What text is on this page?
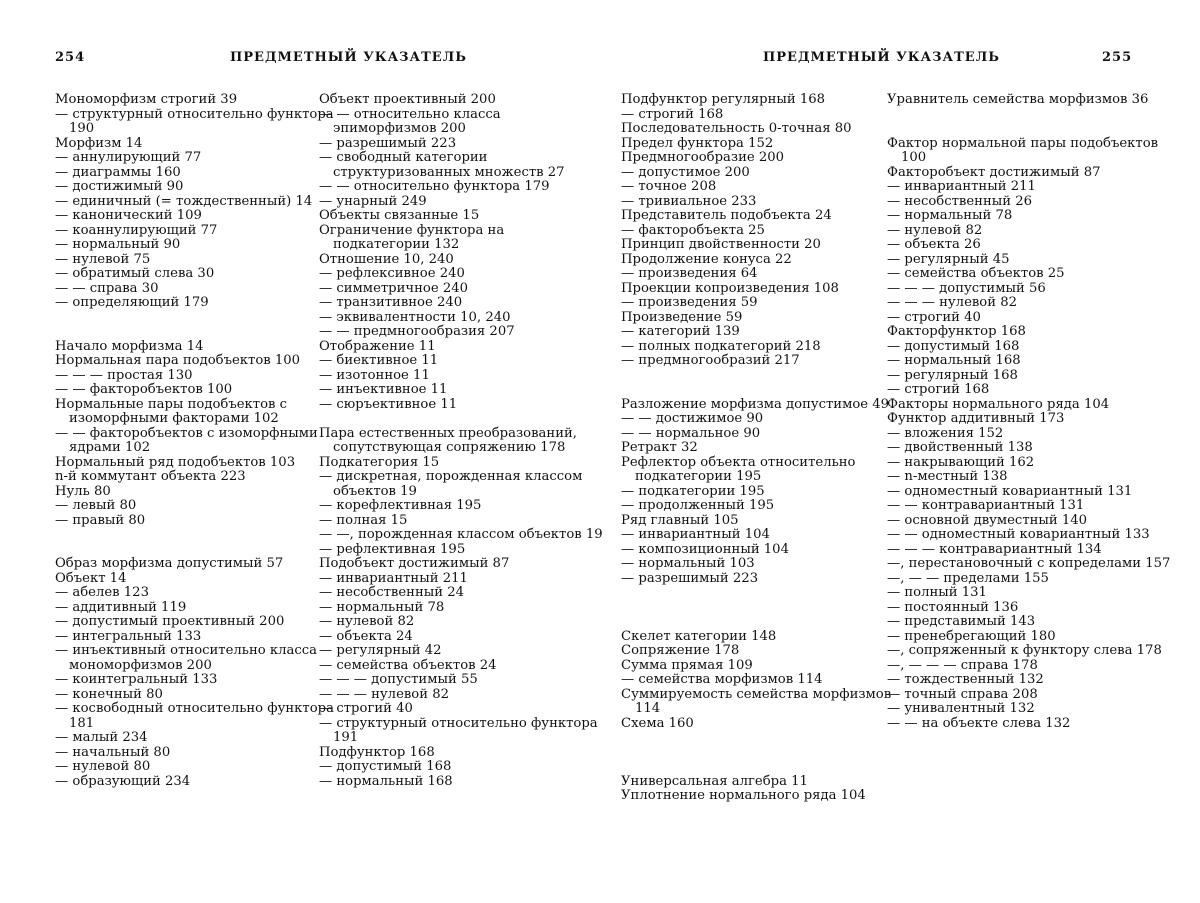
254	ПРЕДМЕТНЫЙ УКАЗАТЕЛЬ	ПРЕДМЕТНЫЙ УКАЗАТЕЛЬ	255
Мономорфизм строгий 39
— структурный относительно функтора 190
Морфизм 14
— аннулирующий 77
— диаграммы 160
— достижимый 90
— единичный (= тождественный) 14
— канонический 109
— коаннулирующий 77
— нормальный 90
— нулевой 75
— обратимый слева 30
— — справа 30
— определяющий 179
Начало морфизма 14
Нормальная пара подобъектов 100
— — — простая 130
— — факторобъектов 100
Нормальные пары подобъектов с изоморфными факторами 102
— — факторобъектов с изоморфными ядрами 102
Нормальный ряд подобъектов 103
n-й коммутант объекта 223
Нуль 80
— левый 80
— правый 80
Образ морфизма допустимый 57
Объект 14
— абелев 123
— аддитивный 119
— допустимый проективный 200
— интегральный 133
— инъективный относительно класса мономорфизмов 200
— коинтегральный 133
— конечный 80
— косвободный относительно функтора 181
— малый 234
— начальный 80
— нулевой 80
— образующий 234
Объект проективный 200
— — относительно класса эпиморфизмов 200
— разрешимый 223
— свободный категории структуризованных множеств 27
— — относительно функтора 179
— унарный 249
Объекты связанные 15
Ограничение функтора на подкатегории 132
Отношение 10, 240
— рефлексивное 240
— симметричное 240
— транзитивное 240
— эквивалентности 10, 240
— — предмногообразия 207
Отображение 11
— биективное 11
— изотонное 11
— инъективное 11
— сюръективное 11
Пара естественных преобразований, сопутствующая сопряжению 178
Подкатегория 15
— дискретная, порожденная классом объектов 19
— корефлективная 195
— полная 15
— —, порожденная классом объектов 19
— рефлективная 195
Подобъект достижимый 87
— инвариантный 211
— несобственный 24
— нормальный 78
— нулевой 82
— объекта 24
— регулярный 42
— семейства объектов 24
— — — допустимый 55
— — — нулевой 82
— строгий 40
— структурный относительно функтора 191
Подфунктор 168
— допустимый 168
— нормальный 168
Подфунктор регулярный 168
— строгий 168
Последовательность 0-точная 80
Предел функтора 152
Предмногообразие 200
— допустимое 200
— точное 208
— тривиальное 233
Представитель подобъекта 24
— факторобъекта 25
Принцип двойственности 20
Продолжение конуса 22
— произведения 64
Проекции копроизведения 108
— произведения 59
Произведение 59
— категорий 139
— полных подкатегорий 218
— предмногообразий 217
Разложение морфизма допустимое 49
— — достижимое 90
— — нормальное 90
Ретракт 32
Рефлектор объекта относительно подкатегории 195
— подкатегории 195
— продолженный 195
Ряд главный 105
— инвариантный 104
— композиционный 104
— нормальный 103
— разрешимый 223
Скелет категории 148
Сопряжение 178
Сумма прямая 109
— семейства морфизмов 114
Суммируемость семейства морфизмов 114
Схема 160
Универсальная алгебра 11
Уплотнение нормального ряда 104
Уравнитель семейства морфизмов 36
Фактор нормальной пары подобъектов 100
Факторобъект достижимый 87
— инвариантный 211
— несобственный 26
— нормальный 78
— нулевой 82
— объекта 26
— регулярный 45
— семейства объектов 25
— — — допустимый 56
— — — нулевой 82
— строгий 40
Факторфунктор 168
— допустимый 168
— нормальный 168
— регулярный 168
— строгий 168
Факторы нормального ряда 104
Функтор аддитивный 173
— вложения 152
— двойственный 138
— накрывающий 162
— n-местный 138
— одноместный ковариантный 131
— — контравариантный 131
— основной двуместный 140
— — одноместный ковариантный 133
— — — контравариантный 134
—, перестановочный с копределами 157
—, — — пределами 155
— полный 131
— постоянный 136
— представимый 143
— пренебрегающий 180
—, сопряженный к функтору слева 178
—, — — — справа 178
— тождественный 132
— точный справа 208
— унивалентный 132
— — на объекте слева 132
